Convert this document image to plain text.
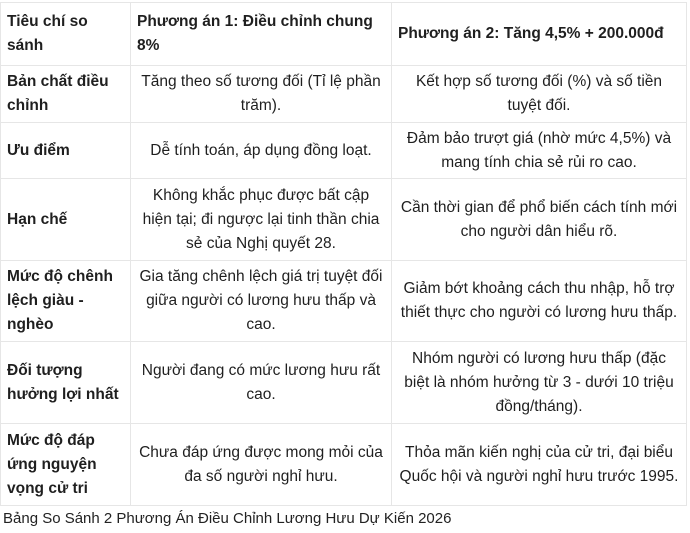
Tiêu chí so sánh	Phương án 1: Điều chỉnh chung 8%	Phương án 2: Tăng 4,5% + 200.000đ
Bản chất điều chỉnh	Tăng theo số tương đối (Tỉ lệ phần trăm).	Kết hợp số tương đối (%) và số tiền tuyệt đối.
Ưu điểm	Dễ tính toán, áp dụng đồng loạt.	Đảm bảo trượt giá (nhờ mức 4,5%) và mang tính chia sẻ rủi ro cao.
Hạn chế	Không khắc phục được bất cập hiện tại; đi ngược lại tinh thần chia sẻ của Nghị quyết 28.	Cần thời gian để phổ biến cách tính mới cho người dân hiểu rõ.
Mức độ chênh lệch giàu - nghèo	Gia tăng chênh lệch giá trị tuyệt đối giữa người có lương hưu thấp và cao.	Giảm bớt khoảng cách thu nhập, hỗ trợ thiết thực cho người có lương hưu thấp.
Đối tượng hưởng lợi nhất	Người đang có mức lương hưu rất cao.	Nhóm người có lương hưu thấp (đặc biệt là nhóm hưởng từ 3 - dưới 10 triệu đồng/tháng).
Mức độ đáp ứng nguyện vọng cử tri	Chưa đáp ứng được mong mỏi của đa số người nghỉ hưu.	Thỏa mãn kiến nghị của cử tri, đại biểu Quốc hội và người nghỉ hưu trước 1995.
Bảng So Sánh 2 Phương Án Điều Chỉnh Lương Hưu Dự Kiến 2026
